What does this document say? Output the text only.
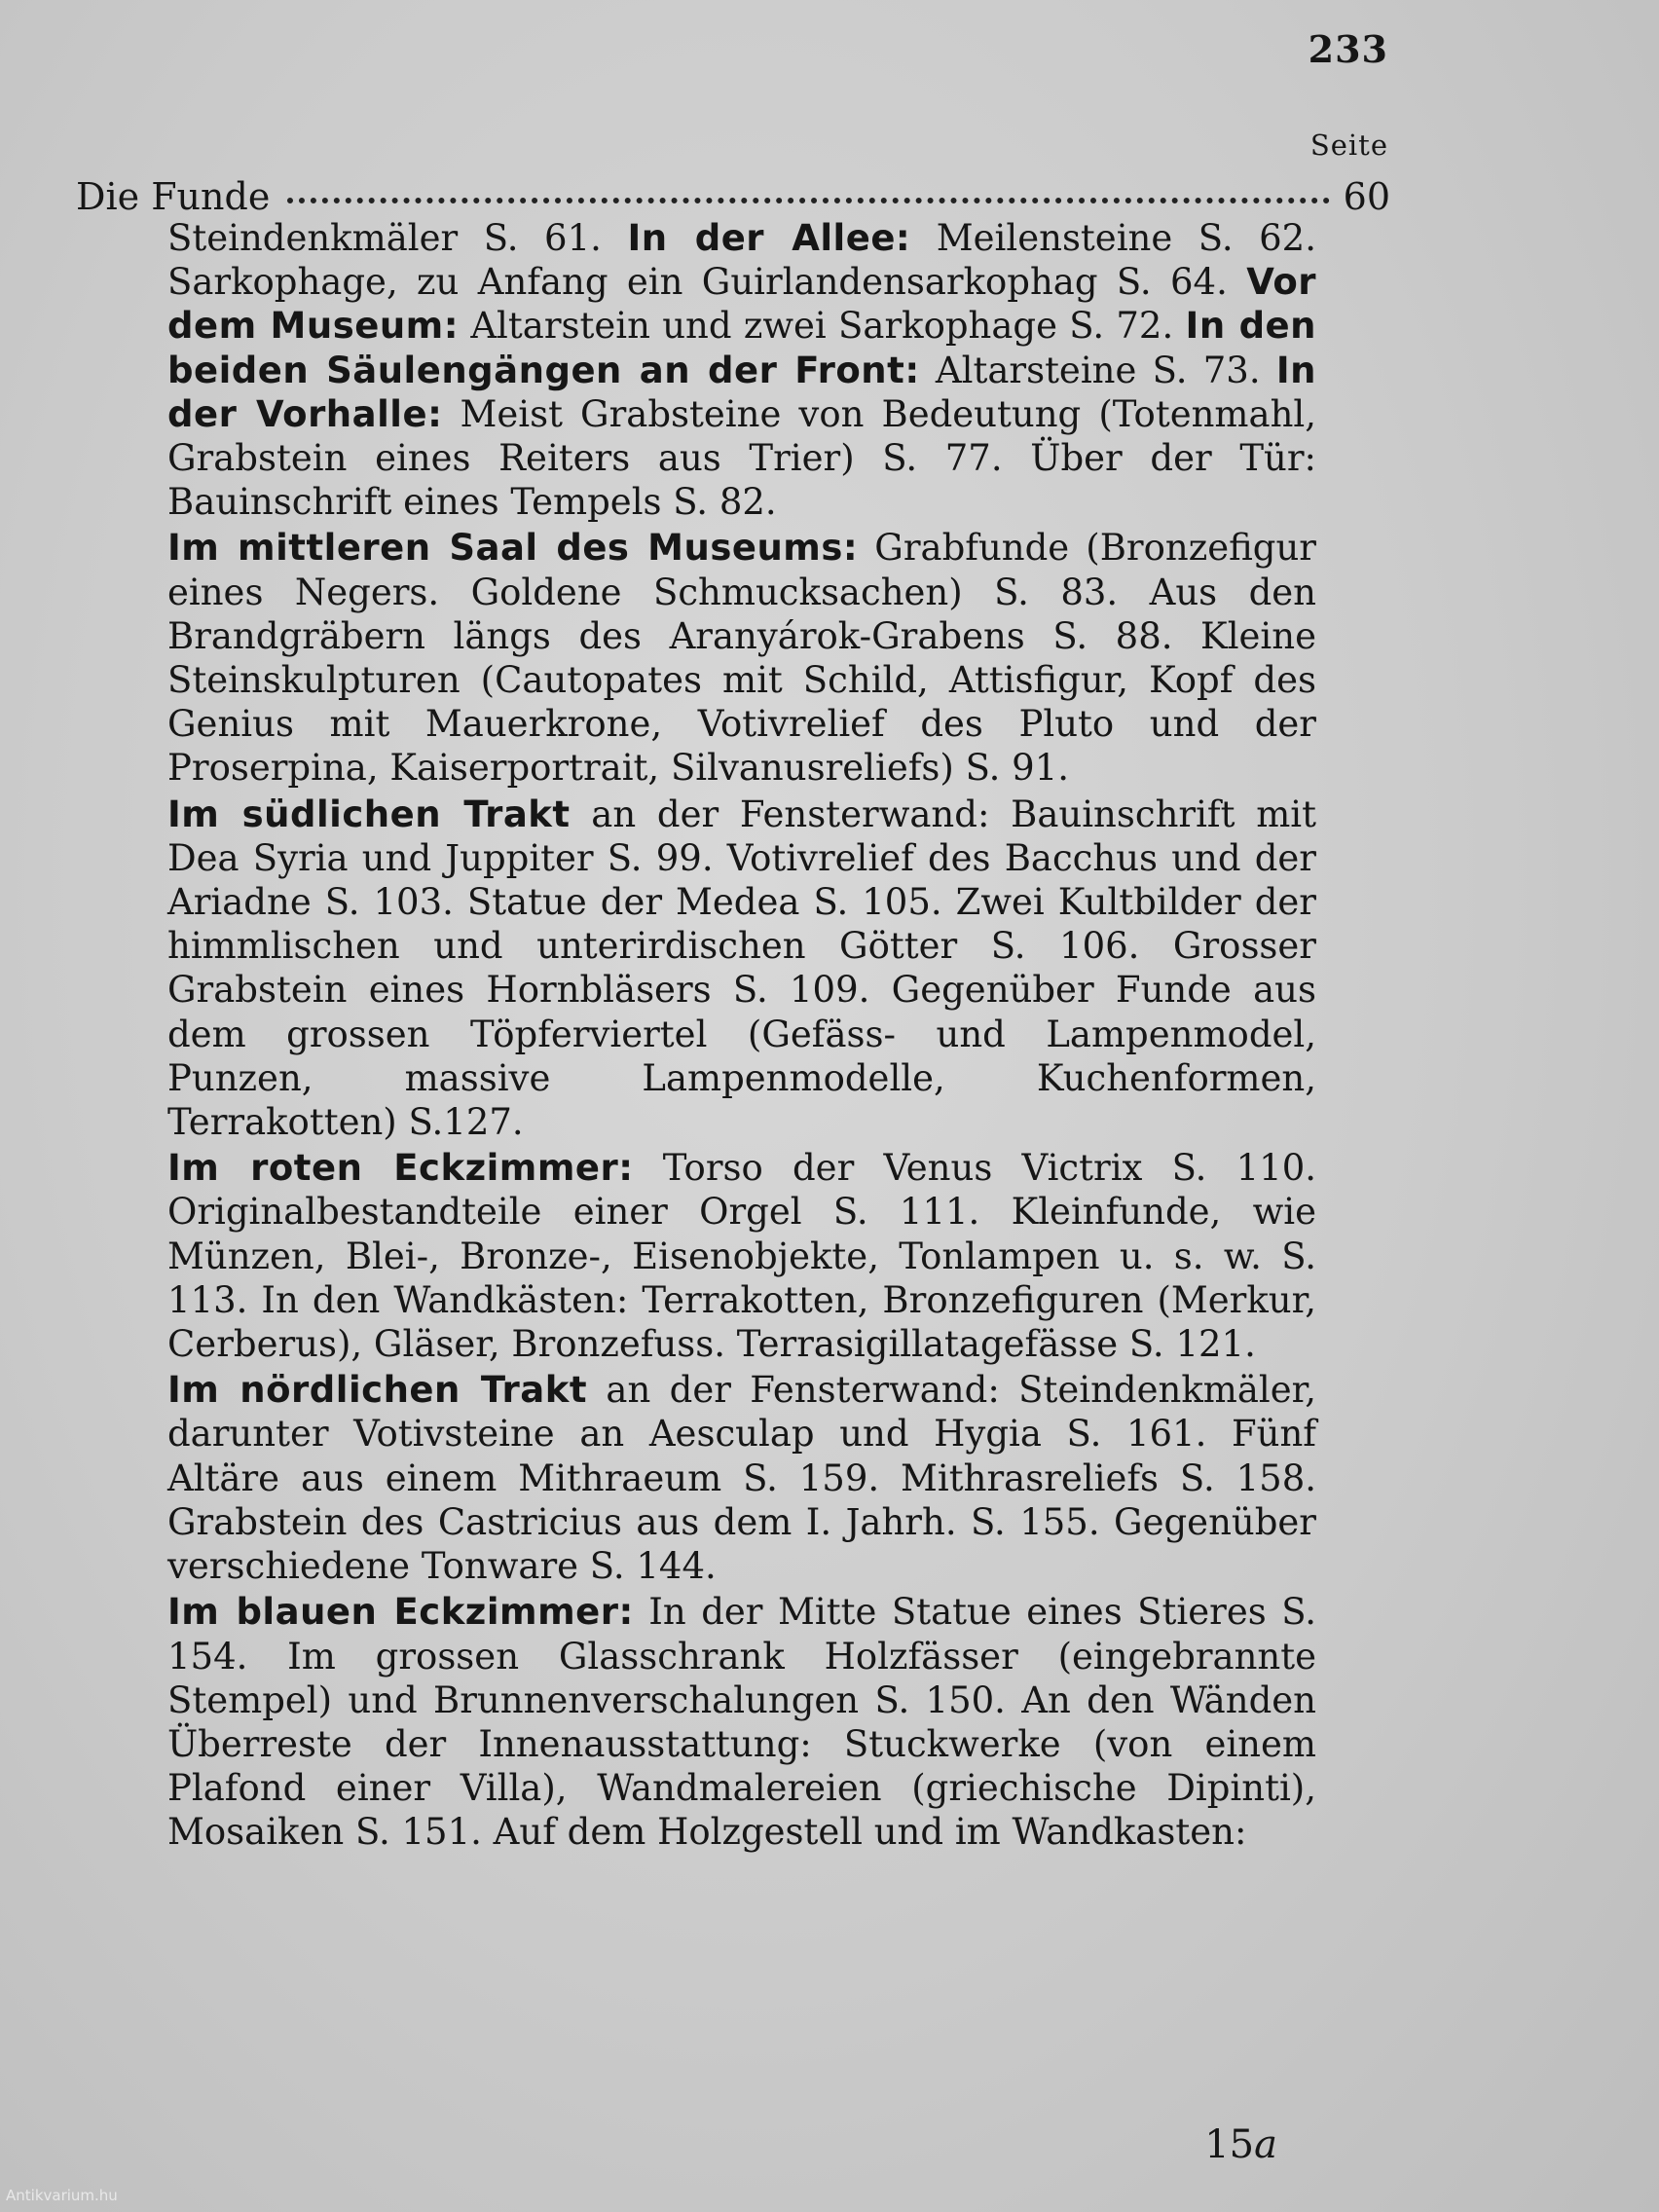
233
Seite
Die Funde	60

Steindenkmäler S. 61. In der Allee: Meilensteine S. 62. Sarkophage, zu Anfang ein Guirlandensarkophag S. 64. Vor dem Museum: Altarstein und zwei Sarkophage S. 72. In den beiden Säulengängen an der Front: Altarsteine S. 73. In der Vorhalle: Meist Grabsteine von Bedeutung (Totenmahl, Grabstein eines Reiters aus Trier) S. 77. Über der Tür: Bauinschrift eines Tempels S. 82.

Im mittleren Saal des Museums: Grabfunde (Bronzefigur eines Negers. Goldene Schmucksachen) S. 83. Aus den Brandgräbern längs des Aranyárok-Grabens S. 88. Kleine Steinskulpturen (Cautopates mit Schild, Attisfigur, Kopf des Genius mit Mauerkrone, Votivrelief des Pluto und der Proserpina, Kaiserportrait, Silvanusreliefs) S. 91.

Im südlichen Trakt an der Fensterwand: Bauinschrift mit Dea Syria und Juppiter S. 99. Votivrelief des Bacchus und der Ariadne S. 103. Statue der Medea S. 105. Zwei Kultbilder der himmlischen und unterirdischen Götter S. 106. Grosser Grabstein eines Hornbläsers S. 109. Gegenüber Funde aus dem grossen Töpferviertel (Gefäss- und Lampenmodel, Punzen, massive Lampenmodelle, Kuchenformen, Terrakotten) S.127.

Im roten Eckzimmer: Torso der Venus Victrix S. 110. Originalbestandteile einer Orgel S. 111. Kleinfunde, wie Münzen, Blei-, Bronze-, Eisenobjekte, Tonlampen u. s. w. S. 113. In den Wandkästen: Terrakotten, Bronzefiguren (Merkur, Cerberus), Gläser, Bronzefuss. Terrasigillatagefässe S. 121.

Im nördlichen Trakt an der Fensterwand: Steindenkmäler, darunter Votivsteine an Aesculap und Hygia S. 161. Fünf Altäre aus einem Mithraeum S. 159. Mithrasreliefs S. 158. Grabstein des Castricius aus dem I. Jahrh. S. 155. Gegenüber verschiedene Tonware S. 144.

Im blauen Eckzimmer: In der Mitte Statue eines Stieres S. 154. Im grossen Glasschrank Holzfässer (eingebrannte Stempel) und Brunnenverschalungen S. 150. An den Wänden Überreste der Innenausstattung: Stuckwerke (von einem Plafond einer Villa), Wandmalereien (griechische Dipinti), Mosaiken S. 151. Auf dem Holzgestell und im Wandkasten:

15a
Antikvarium.hu
